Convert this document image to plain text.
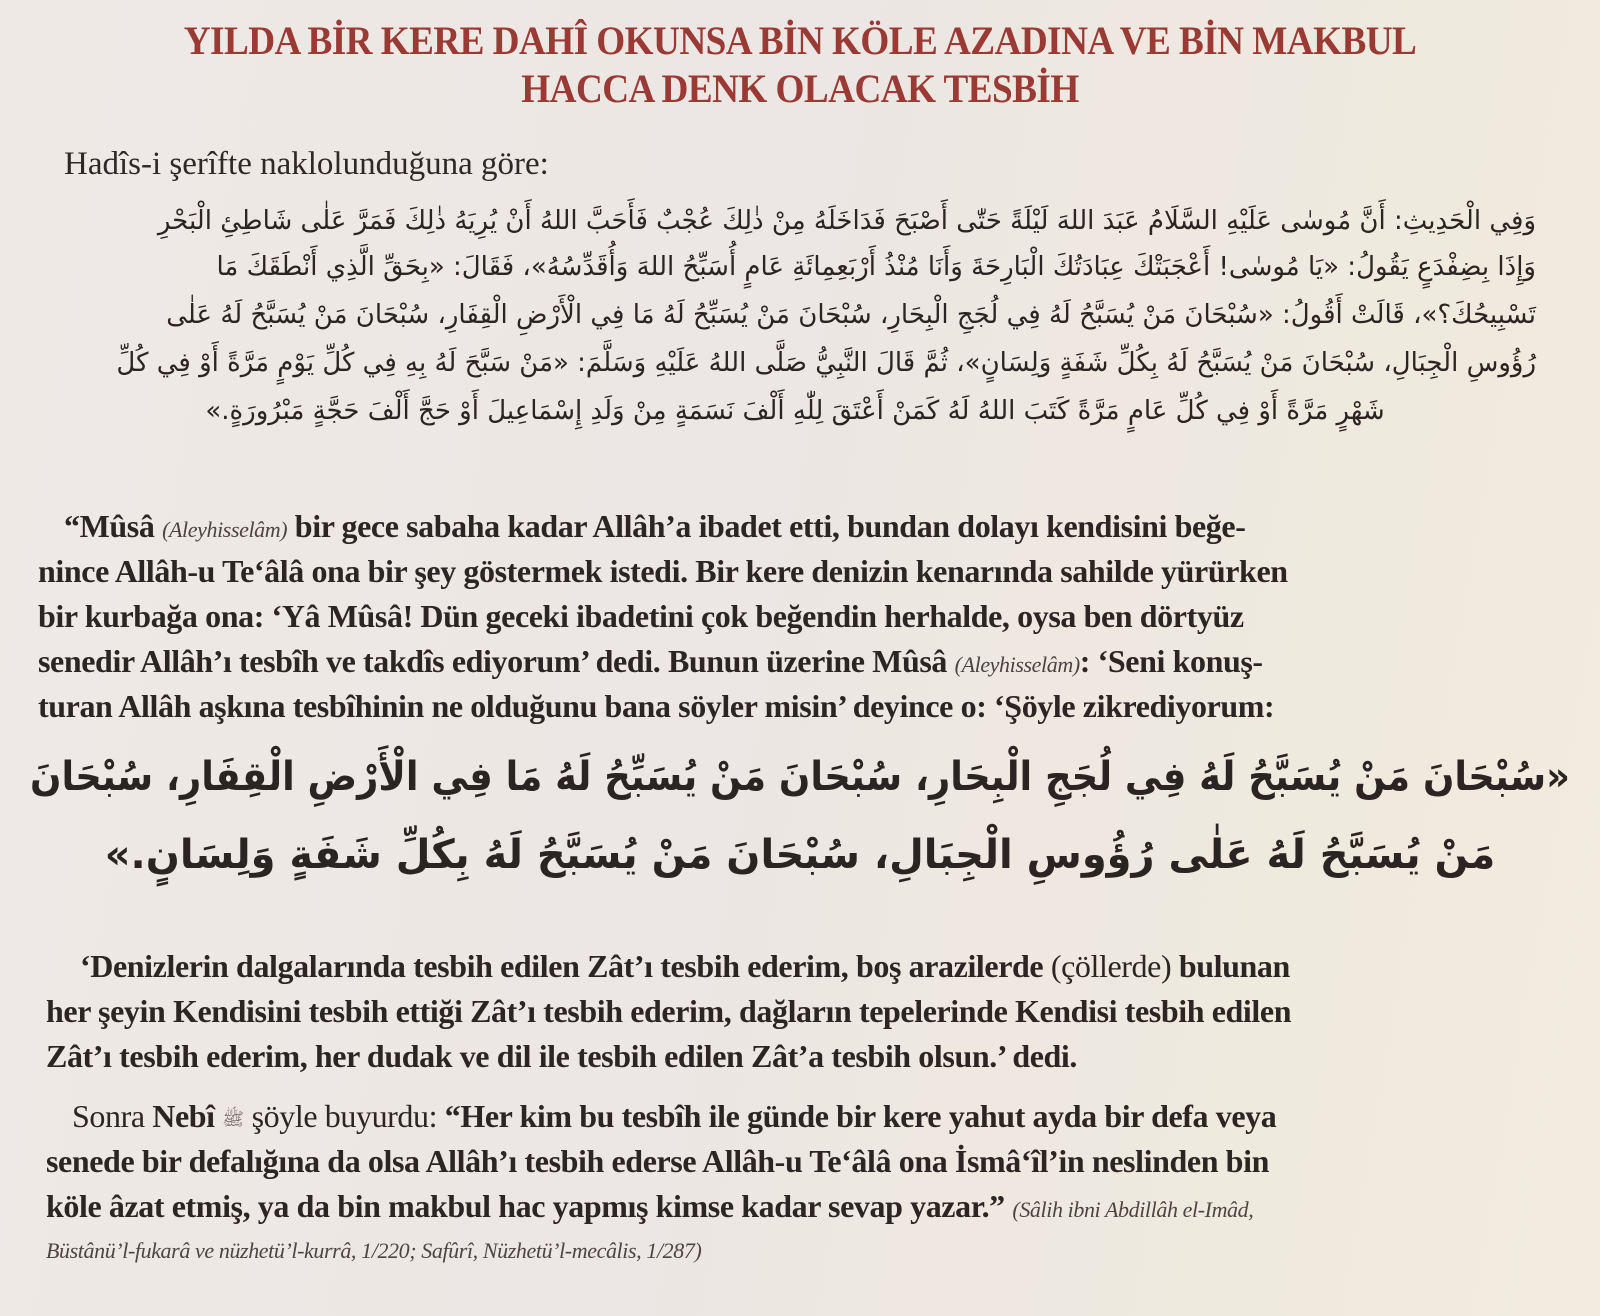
YILDA BİR KERE DAHÎ OKUNSA BİN KÖLE AZADINA VE BİN MAKBUL
HACCA DENK OLACAK TESBİH
Hadîs-i şerîfte naklolunduğuna göre:
وَفِي الْحَدِيثِ: أَنَّ مُوسٰى عَلَيْهِ السَّلَامُ عَبَدَ اللهَ لَيْلَةً حَتّٰى أَصْبَحَ فَدَاخَلَهُ مِنْ ذٰلِكَ عُجْبٌ فَأَحَبَّ اللهُ أَنْ يُرِيَهُ ذٰلِكَ فَمَرَّ عَلٰى شَاطِئِ الْبَحْرِ
وَإِذَا بِضِفْدَعٍ يَقُولُ: «يَا مُوسٰى! أَعْجَبَتْكَ عِبَادَتُكَ الْبَارِحَةَ وَأَنَا مُنْذُ أَرْبَعِمِائَةِ عَامٍ أُسَبِّحُ اللهَ وَأُقَدِّسُهُ»، فَقَالَ: «بِحَقِّ الَّذِي أَنْطَقَكَ مَا
تَسْبِيحُكَ؟»، قَالَتْ أَقُولُ: «سُبْحَانَ مَنْ يُسَبَّحُ لَهُ فِي لُجَجِ الْبِحَارِ، سُبْحَانَ مَنْ يُسَبِّحُ لَهُ مَا فِي الْأَرْضِ الْقِفَارِ، سُبْحَانَ مَنْ يُسَبَّحُ لَهُ عَلٰى
رُؤُوسِ الْجِبَالِ، سُبْحَانَ مَنْ يُسَبَّحُ لَهُ بِكُلِّ شَفَةٍ وَلِسَانٍ»، ثُمَّ قَالَ النَّبِيُّ صَلَّى اللهُ عَلَيْهِ وَسَلَّمَ: «مَنْ سَبَّحَ لَهُ بِهِ فِي كُلِّ يَوْمٍ مَرَّةً أَوْ فِي كُلِّ
شَهْرٍ مَرَّةً أَوْ فِي كُلِّ عَامٍ مَرَّةً كَتَبَ اللهُ لَهُ كَمَنْ أَعْتَقَ لِلّٰهِ أَلْفَ نَسَمَةٍ مِنْ وَلَدِ إِسْمَاعِيلَ أَوْ حَجَّ أَلْفَ حَجَّةٍ مَبْرُورَةٍ.»
“Mûsâ (Aleyhisselâm) bir gece sabaha kadar Allâh’a ibadet etti, bundan dolayı kendisini beğe-
nince Allâh-u Te‘âlâ ona bir şey göstermek istedi. Bir kere denizin kenarında sahilde yürürken
bir kurbağa ona: ‘Yâ Mûsâ! Dün geceki ibadetini çok beğendin herhalde, oysa ben dörtyüz
senedir Allâh’ı tesbîh ve takdîs ediyorum’ dedi. Bunun üzerine Mûsâ (Aleyhisselâm): ‘Seni konuş-
turan Allâh aşkına tesbîhinin ne olduğunu bana söyler misin’ deyince o: ‘Şöyle zikrediyorum:
«سُبْحَانَ مَنْ يُسَبَّحُ لَهُ فِي لُجَجِ الْبِحَارِ، سُبْحَانَ مَنْ يُسَبِّحُ لَهُ مَا فِي الْأَرْضِ الْقِفَارِ، سُبْحَانَ
مَنْ يُسَبَّحُ لَهُ عَلٰى رُؤُوسِ الْجِبَالِ، سُبْحَانَ مَنْ يُسَبَّحُ لَهُ بِكُلِّ شَفَةٍ وَلِسَانٍ.»
‘Denizlerin dalgalarında tesbih edilen Zât’ı tesbih ederim, boş arazilerde (çöllerde) bulunan
her şeyin Kendisini tesbih ettiği Zât’ı tesbih ederim, dağların tepelerinde Kendisi tesbih edilen
Zât’ı tesbih ederim, her dudak ve dil ile tesbih edilen Zât’a tesbih olsun.’ dedi.
Sonra Nebî ﷺ şöyle buyurdu: “Her kim bu tesbîh ile günde bir kere yahut ayda bir defa veya
senede bir defalığına da olsa Allâh’ı tesbih ederse Allâh-u Te‘âlâ ona İsmâ‘îl’in neslinden bin
köle âzat etmiş, ya da bin makbul hac yapmış kimse kadar sevap yazar.” (Sâlih ibni Abdillâh el-Imâd,
Büstânü’l-fukarâ ve nüzhetü’l-kurrâ, 1/220; Safûrî, Nüzhetü’l-mecâlis, 1/287)
